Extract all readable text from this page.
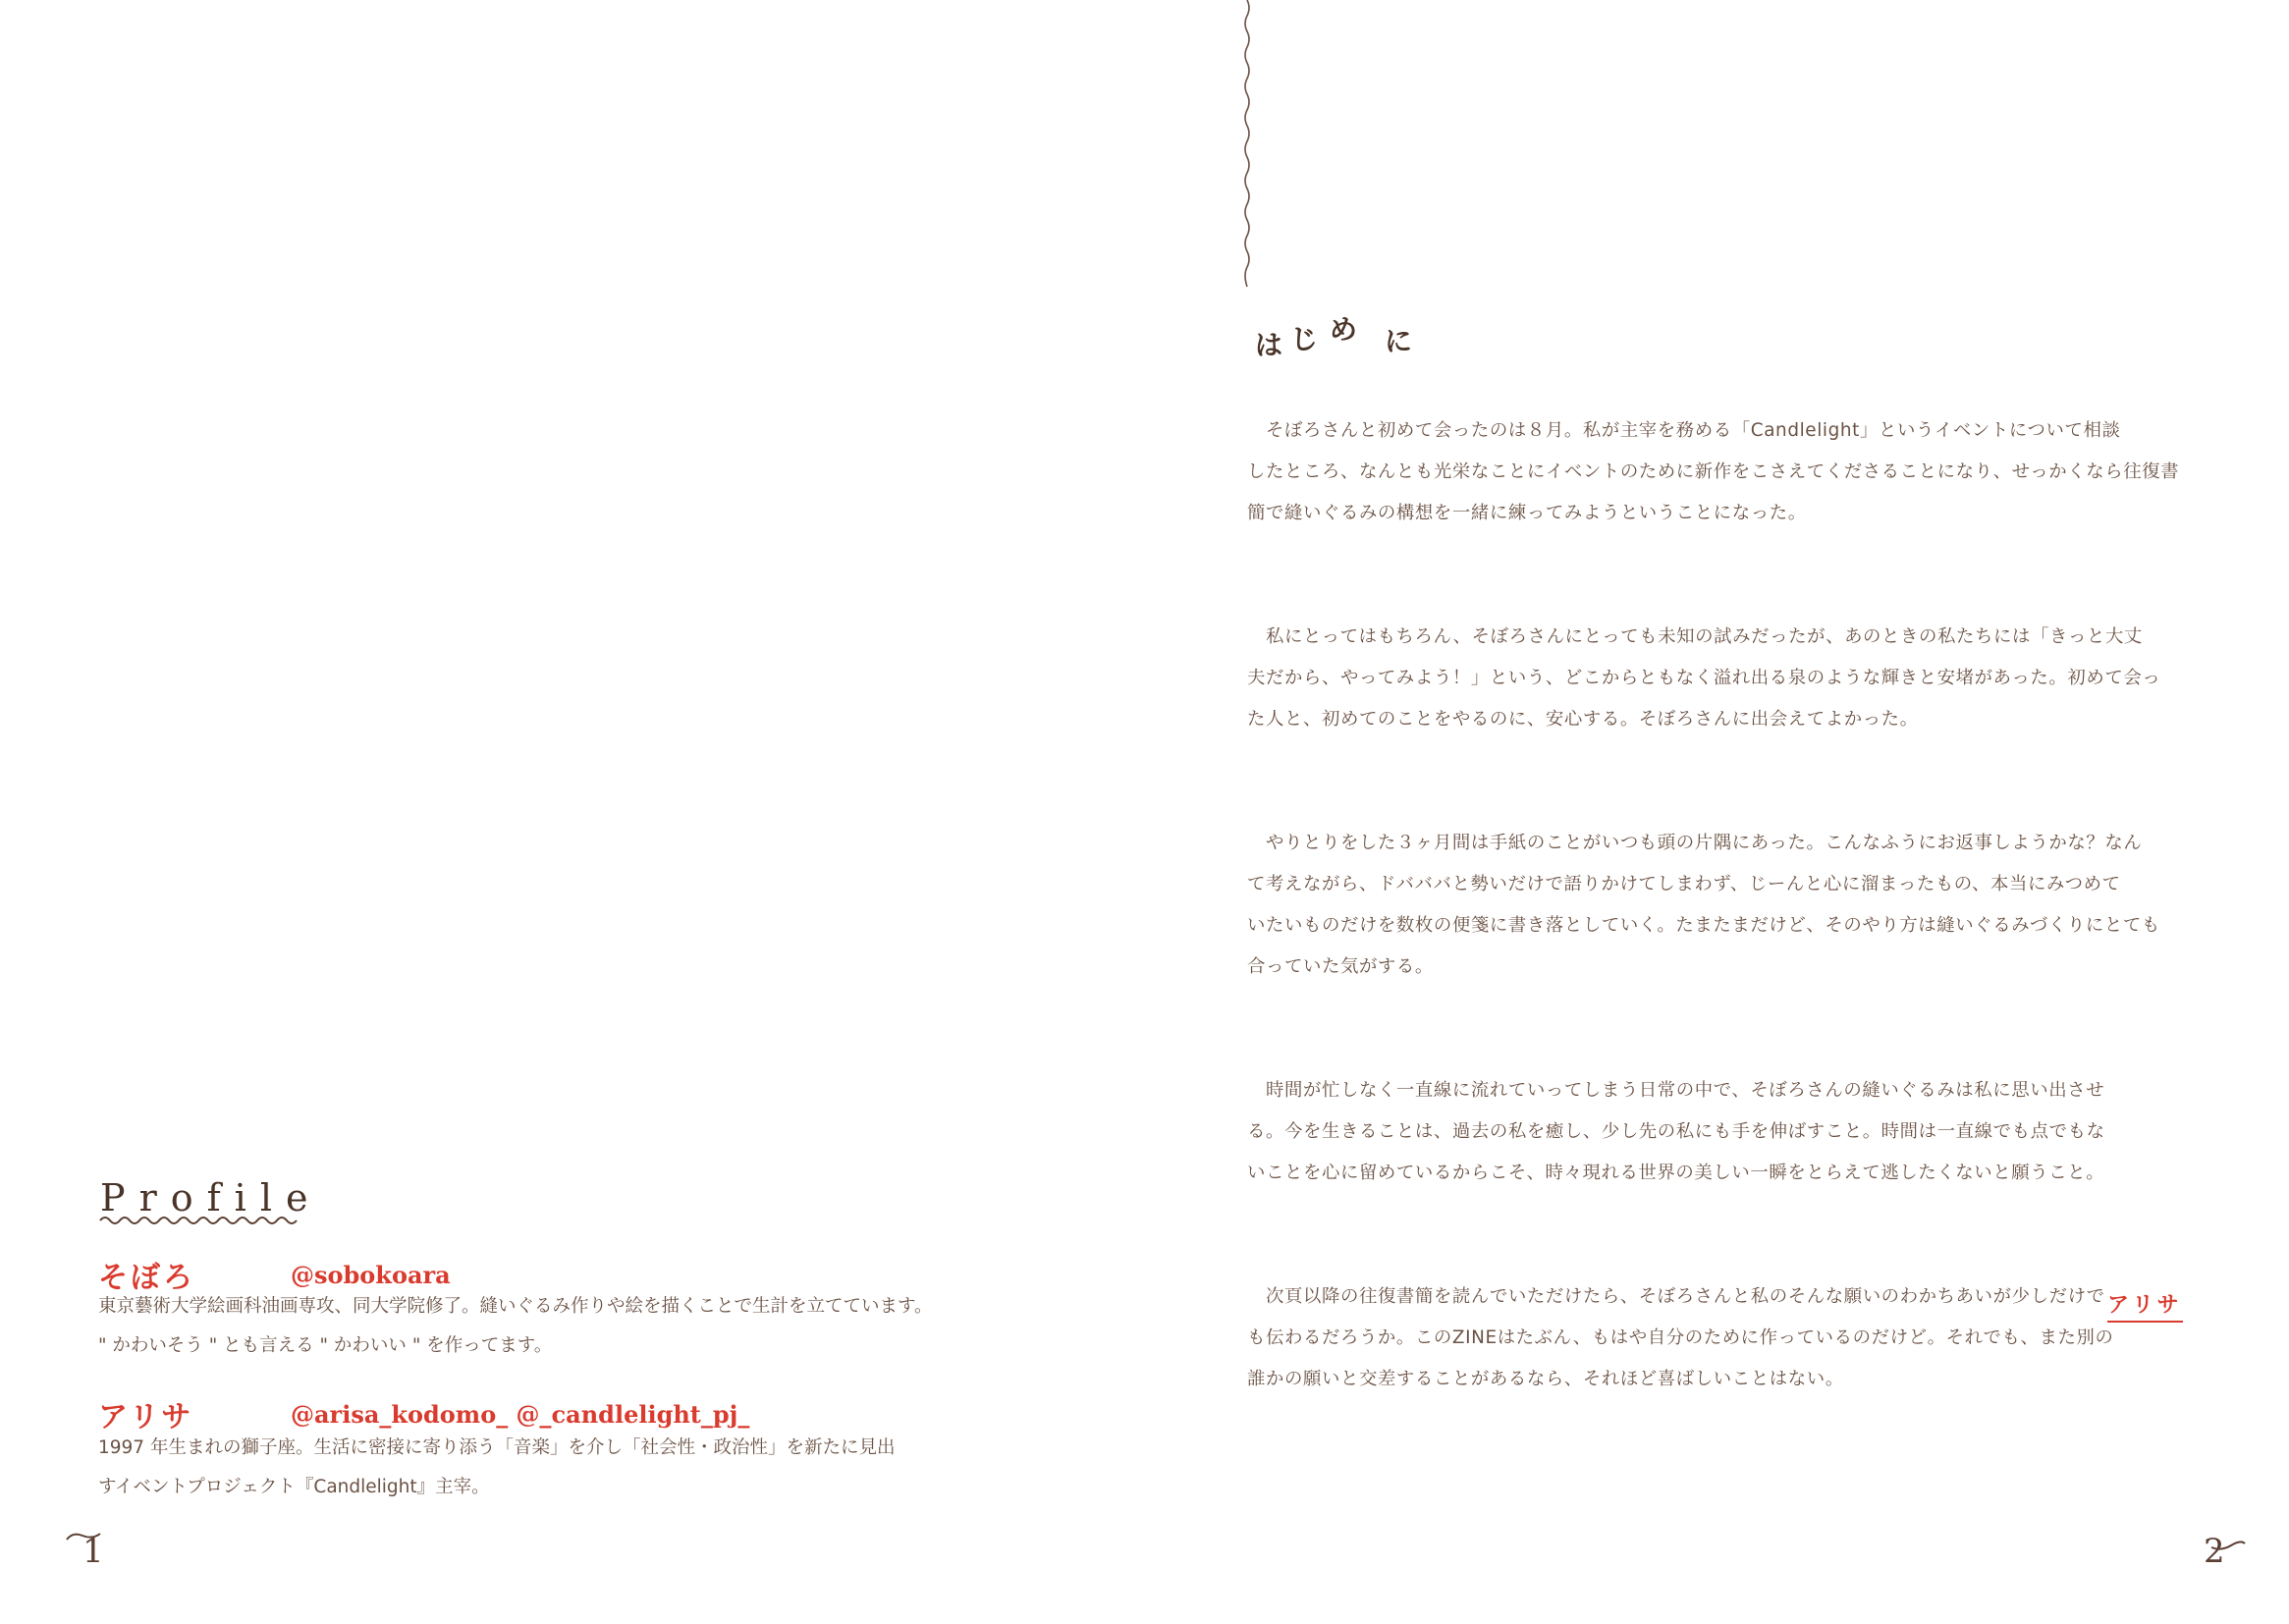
Profile
そぼろ	@sobokoara
東京藝術大学絵画科油画専攻、同大学院修了。縫いぐるみ作りや絵を描くことで生計を立てています。
" かわいそう " とも言える " かわいい " を作ってます。
アリサ	@arisa_kodomo_ @_candlelight_pj_
1997 年生まれの獅子座。生活に密接に寄り添う「音楽」を介し「社会性・政治性」を新たに見出
すイベントプロジェクト『Candlelight』主宰。
1
は じ め に

　そぼろさんと初めて会ったのは８月。私が主宰を務める「Candlelight」というイベントについて相談
したところ、なんとも光栄なことにイベントのために新作をこさえてくださることになり、せっかくなら往復書
簡で縫いぐるみの構想を一緒に練ってみようということになった。

　私にとってはもちろん、そぼろさんにとっても未知の試みだったが、あのときの私たちには「きっと大丈
夫だから、やってみよう！」という、どこからともなく溢れ出る泉のような輝きと安堵があった。初めて会っ
た人と、初めてのことをやるのに、安心する。そぼろさんに出会えてよかった。

　やりとりをした３ヶ月間は手紙のことがいつも頭の片隅にあった。こんなふうにお返事しようかな？なん
て考えながら、ドバババと勢いだけで語りかけてしまわず、じーんと心に溜まったもの、本当にみつめて
いたいものだけを数枚の便箋に書き落としていく。たまたまだけど、そのやり方は縫いぐるみづくりにとても
合っていた気がする。

　時間が忙しなく一直線に流れていってしまう日常の中で、そぼろさんの縫いぐるみは私に思い出させ
る。今を生きることは、過去の私を癒し、少し先の私にも手を伸ばすこと。時間は一直線でも点でもな
いことを心に留めているからこそ、時々現れる世界の美しい一瞬をとらえて逃したくないと願うこと。

　次頁以降の往復書簡を読んでいただけたら、そぼろさんと私のそんな願いのわかちあいが少しだけで
も伝わるだろうか。このZINEはたぶん、もはや自分のために作っているのだけど。それでも、また別の
誰かの願いと交差することがあるなら、それほど喜ばしいことはない。

アリサ
2
